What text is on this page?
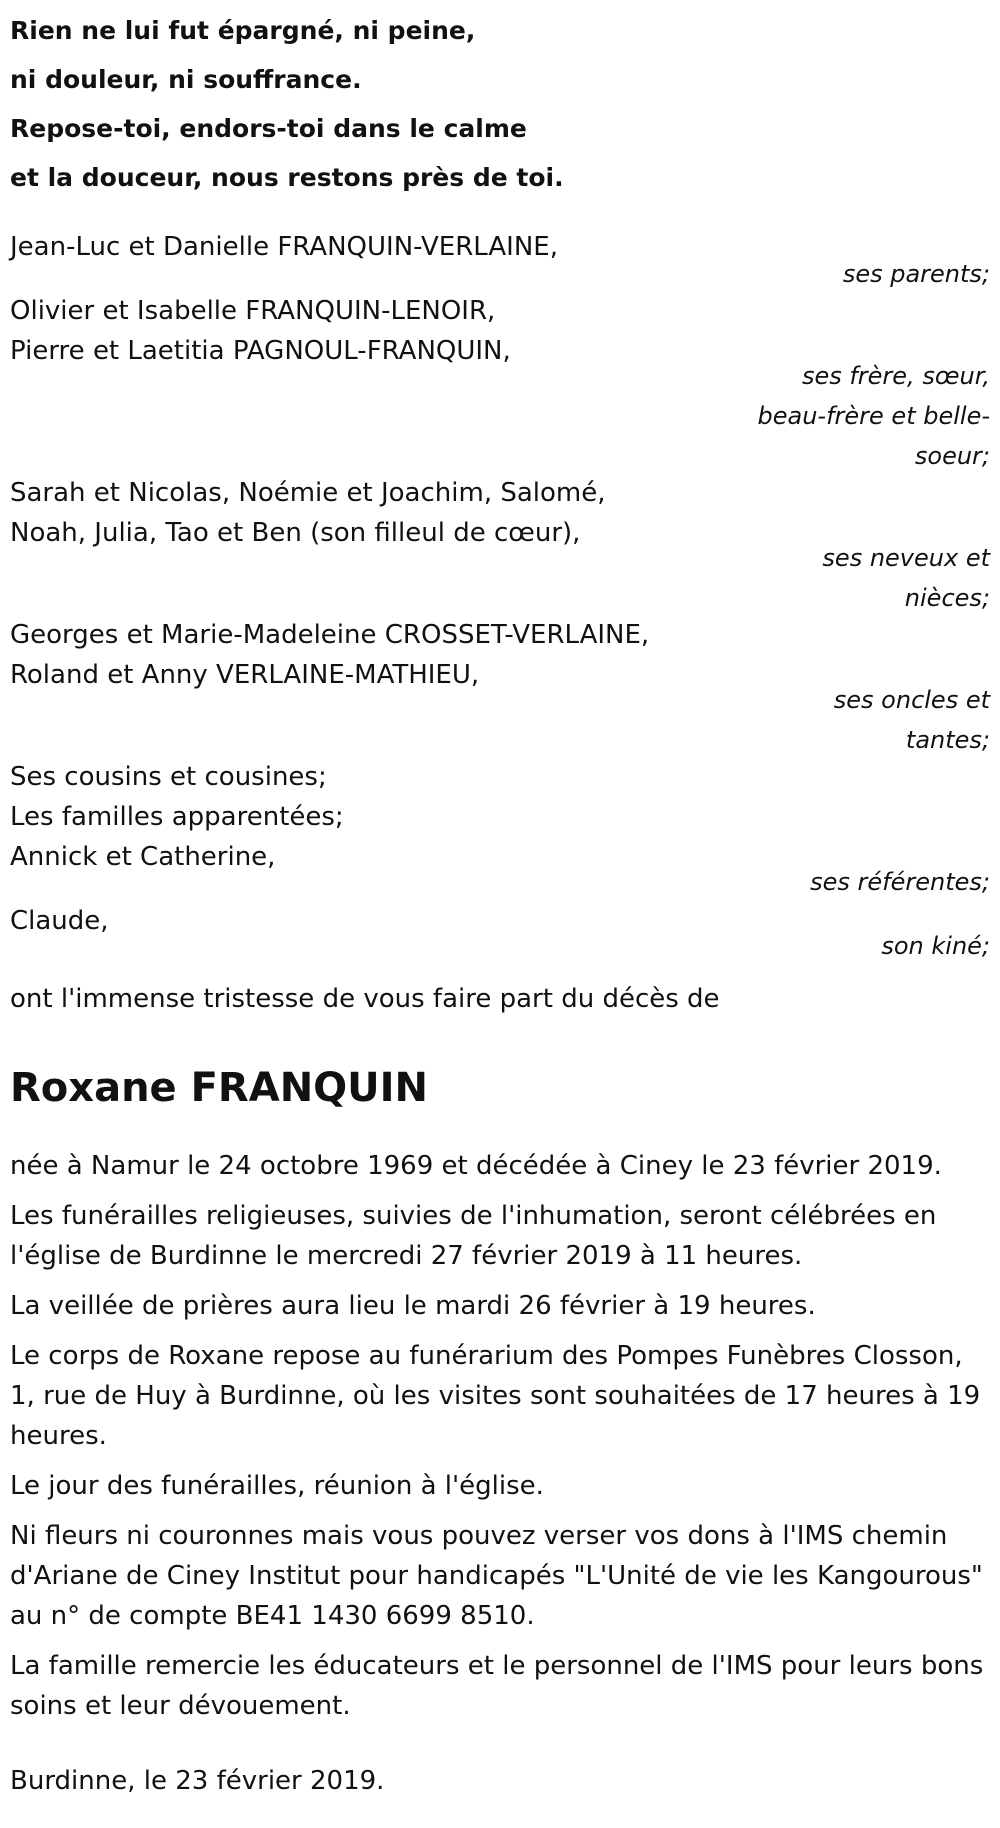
Rien ne lui fut épargné, ni peine,
ni douleur, ni souffrance.
Repose-toi, endors-toi dans le calme
et la douceur, nous restons près de toi.
Jean-Luc et Danielle FRANQUIN-VERLAINE,
ses parents;
Olivier et Isabelle FRANQUIN-LENOIR,
Pierre et Laetitia PAGNOUL-FRANQUIN,
ses frère, sœur,
beau-frère et belle-
soeur;
Sarah et Nicolas, Noémie et Joachim, Salomé,
Noah, Julia, Tao et Ben (son filleul de cœur),
ses neveux et
nièces;
Georges et Marie-Madeleine CROSSET-VERLAINE,
Roland et Anny VERLAINE-MATHIEU,
ses oncles et
tantes;
Ses cousins et cousines;
Les familles apparentées;
Annick et Catherine,
ses référentes;
Claude,
son kiné;
ont l'immense tristesse de vous faire part du décès de
Roxane FRANQUIN

née à Namur le 24 octobre 1969 et décédée à Ciney le 23 février 2019.

Les funérailles religieuses, suivies de l'inhumation, seront célébrées en l'église de Burdinne le mercredi 27 février 2019 à 11 heures.

La veillée de prières aura lieu le mardi 26 février à 19 heures.

Le corps de Roxane repose au funérarium des Pompes Funèbres Closson, 1, rue de Huy à Burdinne, où les visites sont souhaitées de 17 heures à 19 heures.

Le jour des funérailles, réunion à l'église.

Ni fleurs ni couronnes mais vous pouvez verser vos dons à l'IMS chemin d'Ariane de Ciney Institut pour handicapés "L'Unité de vie les Kangourous" au n° de compte BE41 1430 6699 8510.

La famille remercie les éducateurs et le personnel de l'IMS pour leurs bons soins et leur dévouement.

Burdinne, le 23 février 2019.
